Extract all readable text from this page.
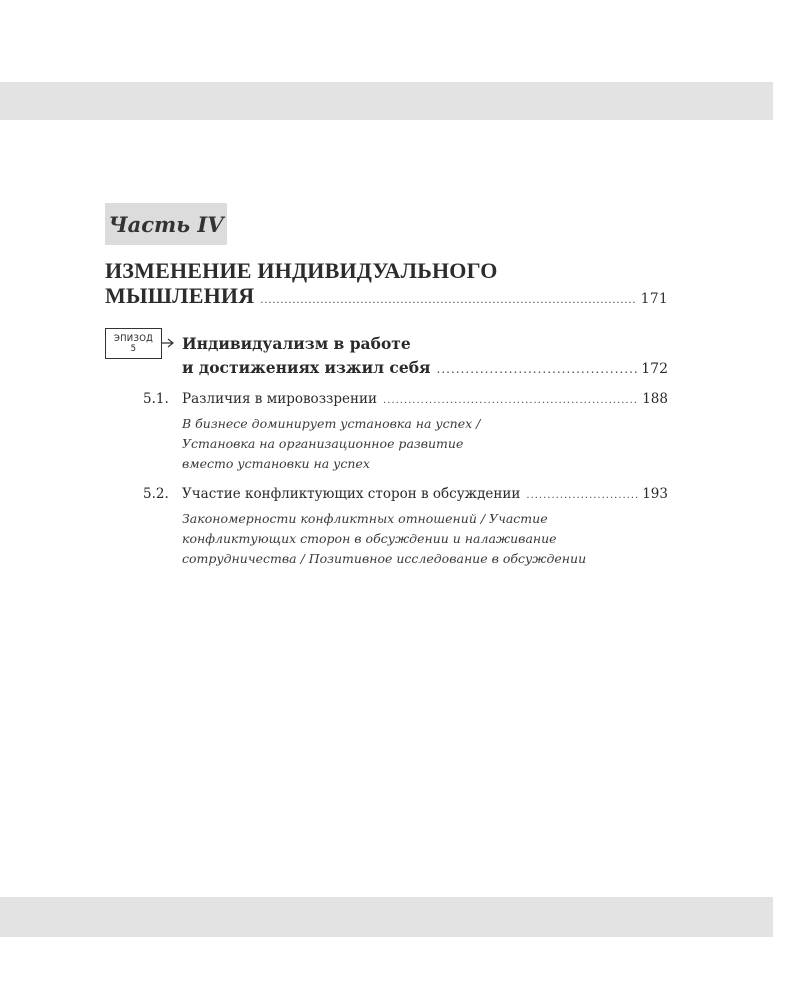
Часть IV
ИЗМЕНЕНИЕ ИНДИВИДУАЛЬНОГО
МЫШЛЕНИЯ .....	171
ЭПИЗОД
5	Индивидуализм в работе
и достижениях изжил себя .....	172
5.1. Различия в мировоззрении .....	188
В бизнесе доминирует установка на успех /
Установка на организационное развитие
вместо установки на успех
5.2. Участие конфликтующих сторон в обсуждении .....	193
Закономерности конфликтных отношений / Участие
конфликтующих сторон в обсуждении и налаживание
сотрудничества / Позитивное исследование в обсуждении
